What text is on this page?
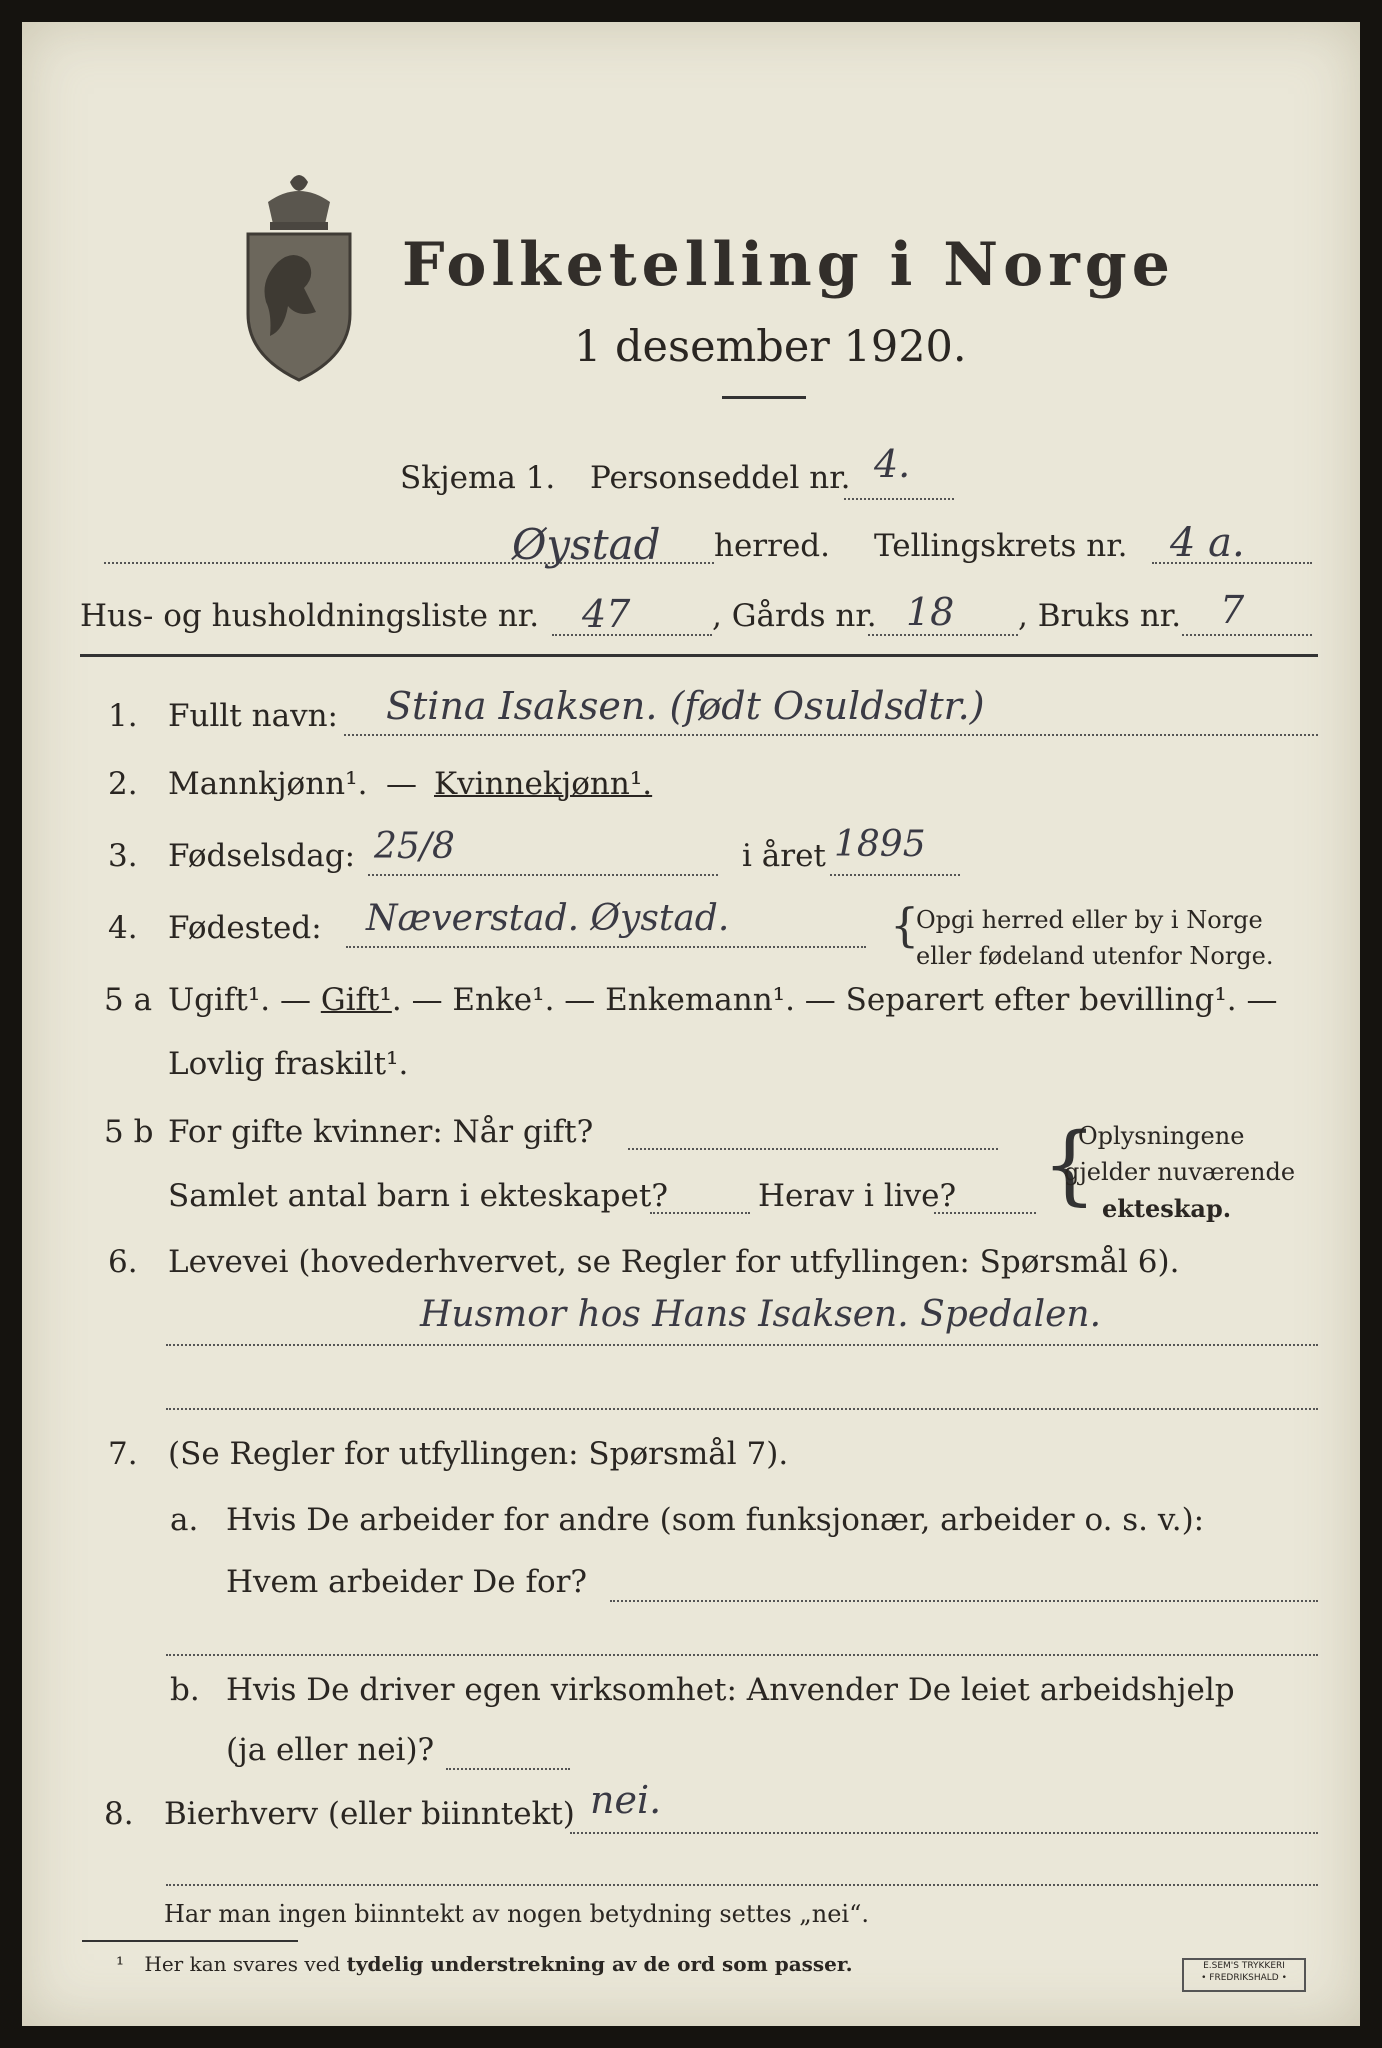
Folketelling i Norge
1 desember 1920.
Skjema 1. Personseddel nr. 4.
Øystad herred. Tellingskrets nr. 4 a.
Hus- og husholdningsliste nr. 47	, Gårds nr. 18 , Bruks nr. 7
1. Fullt navn: Stina Isaksen. (født Osuldsdtr.)
2. Mannkjønn¹. — Kvinnekjønn¹.
3. Fødselsdag: 25/8	i året 1895
4. Fødested: Næverstad. Øystad.	{
Opgi herred eller by i Norge
eller fødeland utenfor Norge.
5 a Ugift¹. — Gift¹. — Enke¹. — Enkemann¹. — Separert efter bevilling¹. —
Lovlig fraskilt¹.
5 b For gifte kvinner: Når gift?
Samlet antal barn i ekteskapet?	Herav i live? {
Oplysningene
gjelder nuværende
ekteskap.
6. Levevei (hovederhvervet, se Regler for utfyllingen: Spørsmål 6).
Husmor hos Hans Isaksen. Spedalen.
7. (Se Regler for utfyllingen: Spørsmål 7).
a. Hvis De arbeider for andre (som funksjonær, arbeider o. s. v.):
Hvem arbeider De for?
b. Hvis De driver egen virksomhet: Anvender De leiet arbeidshjelp
(ja eller nei)?
8. Bierhverv (eller biinntekt) nei.
Har man ingen biinntekt av nogen betydning settes „nei“.
¹ Her kan svares ved tydelig understrekning av de ord som passer.	E.SEM'S TRYKKERI
• FREDRIKSHALD •
